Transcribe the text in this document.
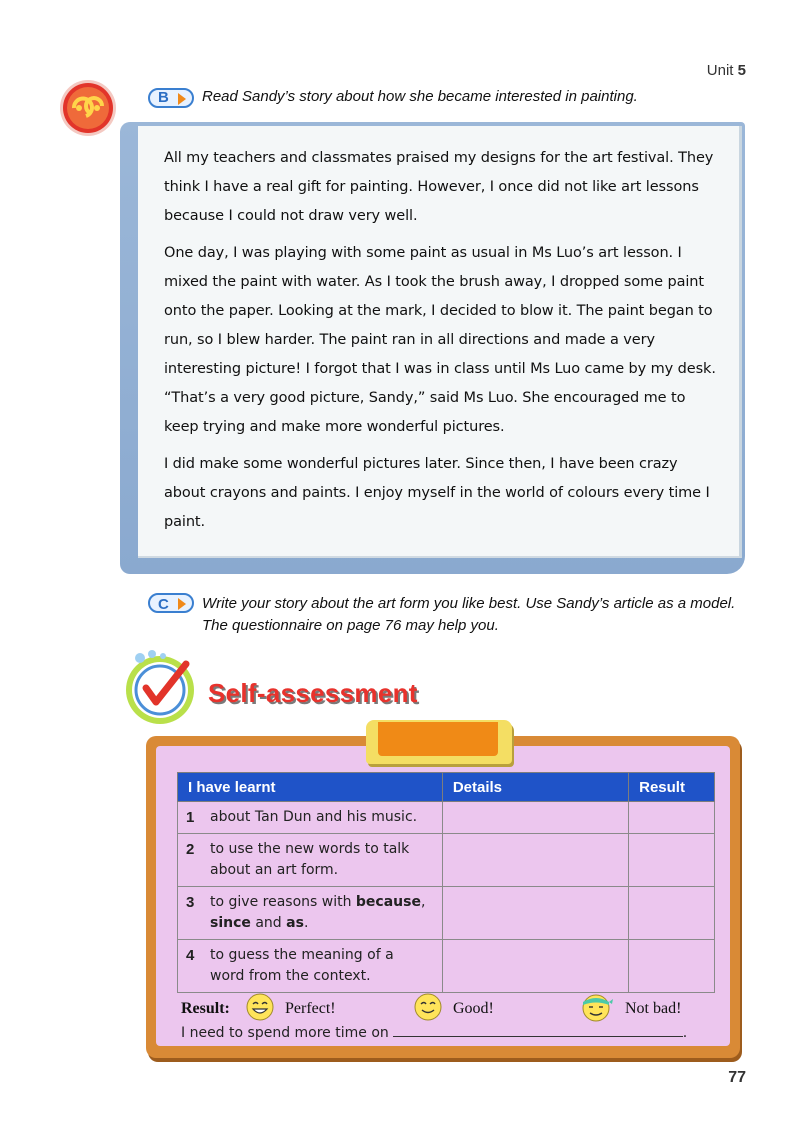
Unit 5
B Read Sandy’s story about how she became interested in painting.

All my teachers and classmates praised my designs for the art festival. They think I have a real gift for painting. However, I once did not like art lessons because I could not draw very well.

One day, I was playing with some paint as usual in Ms Luo’s art lesson. I mixed the paint with water. As I took the brush away, I dropped some paint onto the paper. Looking at the mark, I decided to blow it. The paint began to run, so I blew harder. The paint ran in all directions and made a very interesting picture! I forgot that I was in class until Ms Luo came by my desk. “That’s a very good picture, Sandy,” said Ms Luo. She encouraged me to keep trying and make more wonderful pictures.

I did make some wonderful pictures later. Since then, I have been crazy about crayons and paints. I enjoy myself in the world of colours every time I paint.

C Write your story about the art form you like best. Use Sandy’s article as a model. The questionnaire on page 76 may help you.
Self-assessment
I have learnt	Details	Result
1 about Tan Dun and his music.		
2 to use the new words to talk about an art form.		
3 to give reasons with because, since and as.		
4 to guess the meaning of a word from the context.		
Result:	Perfect!	Good!	Not bad!
I need to spend more time on	.
77
